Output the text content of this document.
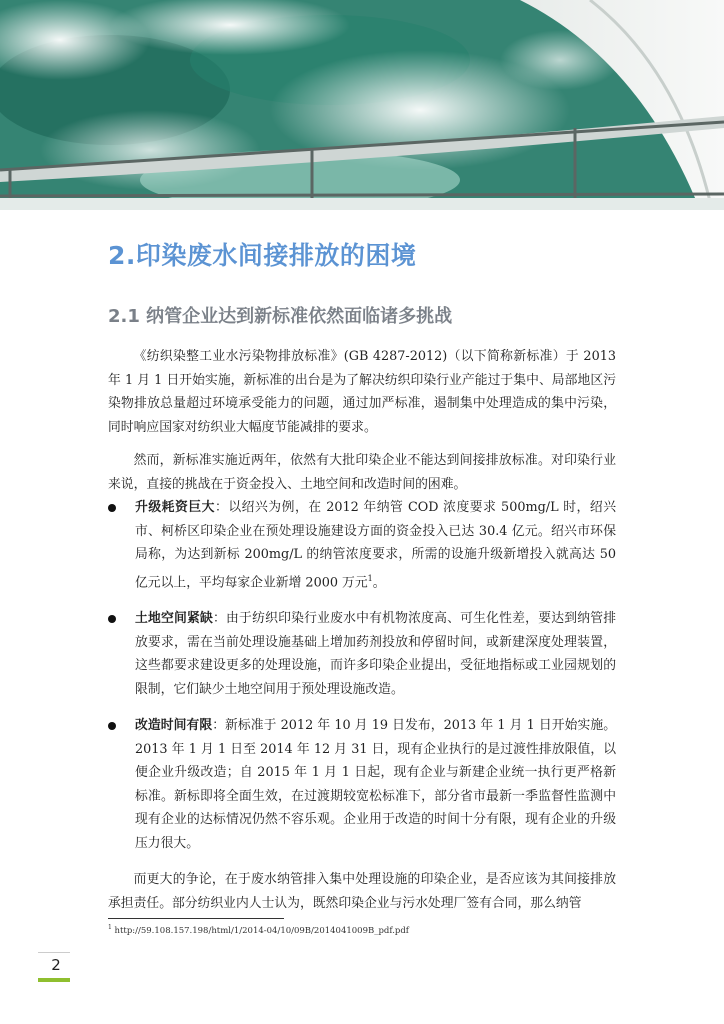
2.印染废水间接排放的困境
2.1 纳管企业达到新标准依然面临诸多挑战

《纺织染整工业水污染物排放标准》(GB 4287-2012)（以下简称新标准）于 2013 年 1 月 1 日开始实施，新标准的出台是为了解决纺织印染行业产能过于集中、局部地区污染物排放总量超过环境承受能力的问题，通过加严标准，遏制集中处理造成的集中污染，同时响应国家对纺织业大幅度节能减排的要求。

然而，新标准实施近两年，依然有大批印染企业不能达到间接排放标准。对印染行业来说，直接的挑战在于资金投入、土地空间和改造时间的困难。

升级耗资巨大：以绍兴为例，在 2012 年纳管 COD 浓度要求 500mg/L 时，绍兴市、柯桥区印染企业在预处理设施建设方面的资金投入已达 30.4 亿元。绍兴市环保局称，为达到新标 200mg/L 的纳管浓度要求，所需的设施升级新增投入就高达 50 亿元以上，平均每家企业新增 2000 万元$^1$。
土地空间紧缺：由于纺织印染行业废水中有机物浓度高、可生化性差，要达到纳管排放要求，需在当前处理设施基础上增加药剂投放和停留时间，或新建深度处理装置，这些都要求建设更多的处理设施，而许多印染企业提出，受征地指标或工业园规划的限制，它们缺少土地空间用于预处理设施改造。
改造时间有限：新标准于 2012 年 10 月 19 日发布，2013 年 1 月 1 日开始实施。2013 年 1 月 1 日至 2014 年 12 月 31 日，现有企业执行的是过渡性排放限值，以便企业升级改造；自 2015 年 1 月 1 日起，现有企业与新建企业统一执行更严格新标准。新标即将全面生效，在过渡期较宽松标准下，部分省市最新一季监督性监测中现有企业的达标情况仍然不容乐观。企业用于改造的时间十分有限，现有企业的升级压力很大。

而更大的争论，在于废水纳管排入集中处理设施的印染企业，是否应该为其间接排放承担责任。部分纺织业内人士认为，既然印染企业与污水处理厂签有合同，那么纳管

$^1$ http://59.108.157.198/html/1/2014-04/10/09B/2014041009B_pdf.pdf
2
